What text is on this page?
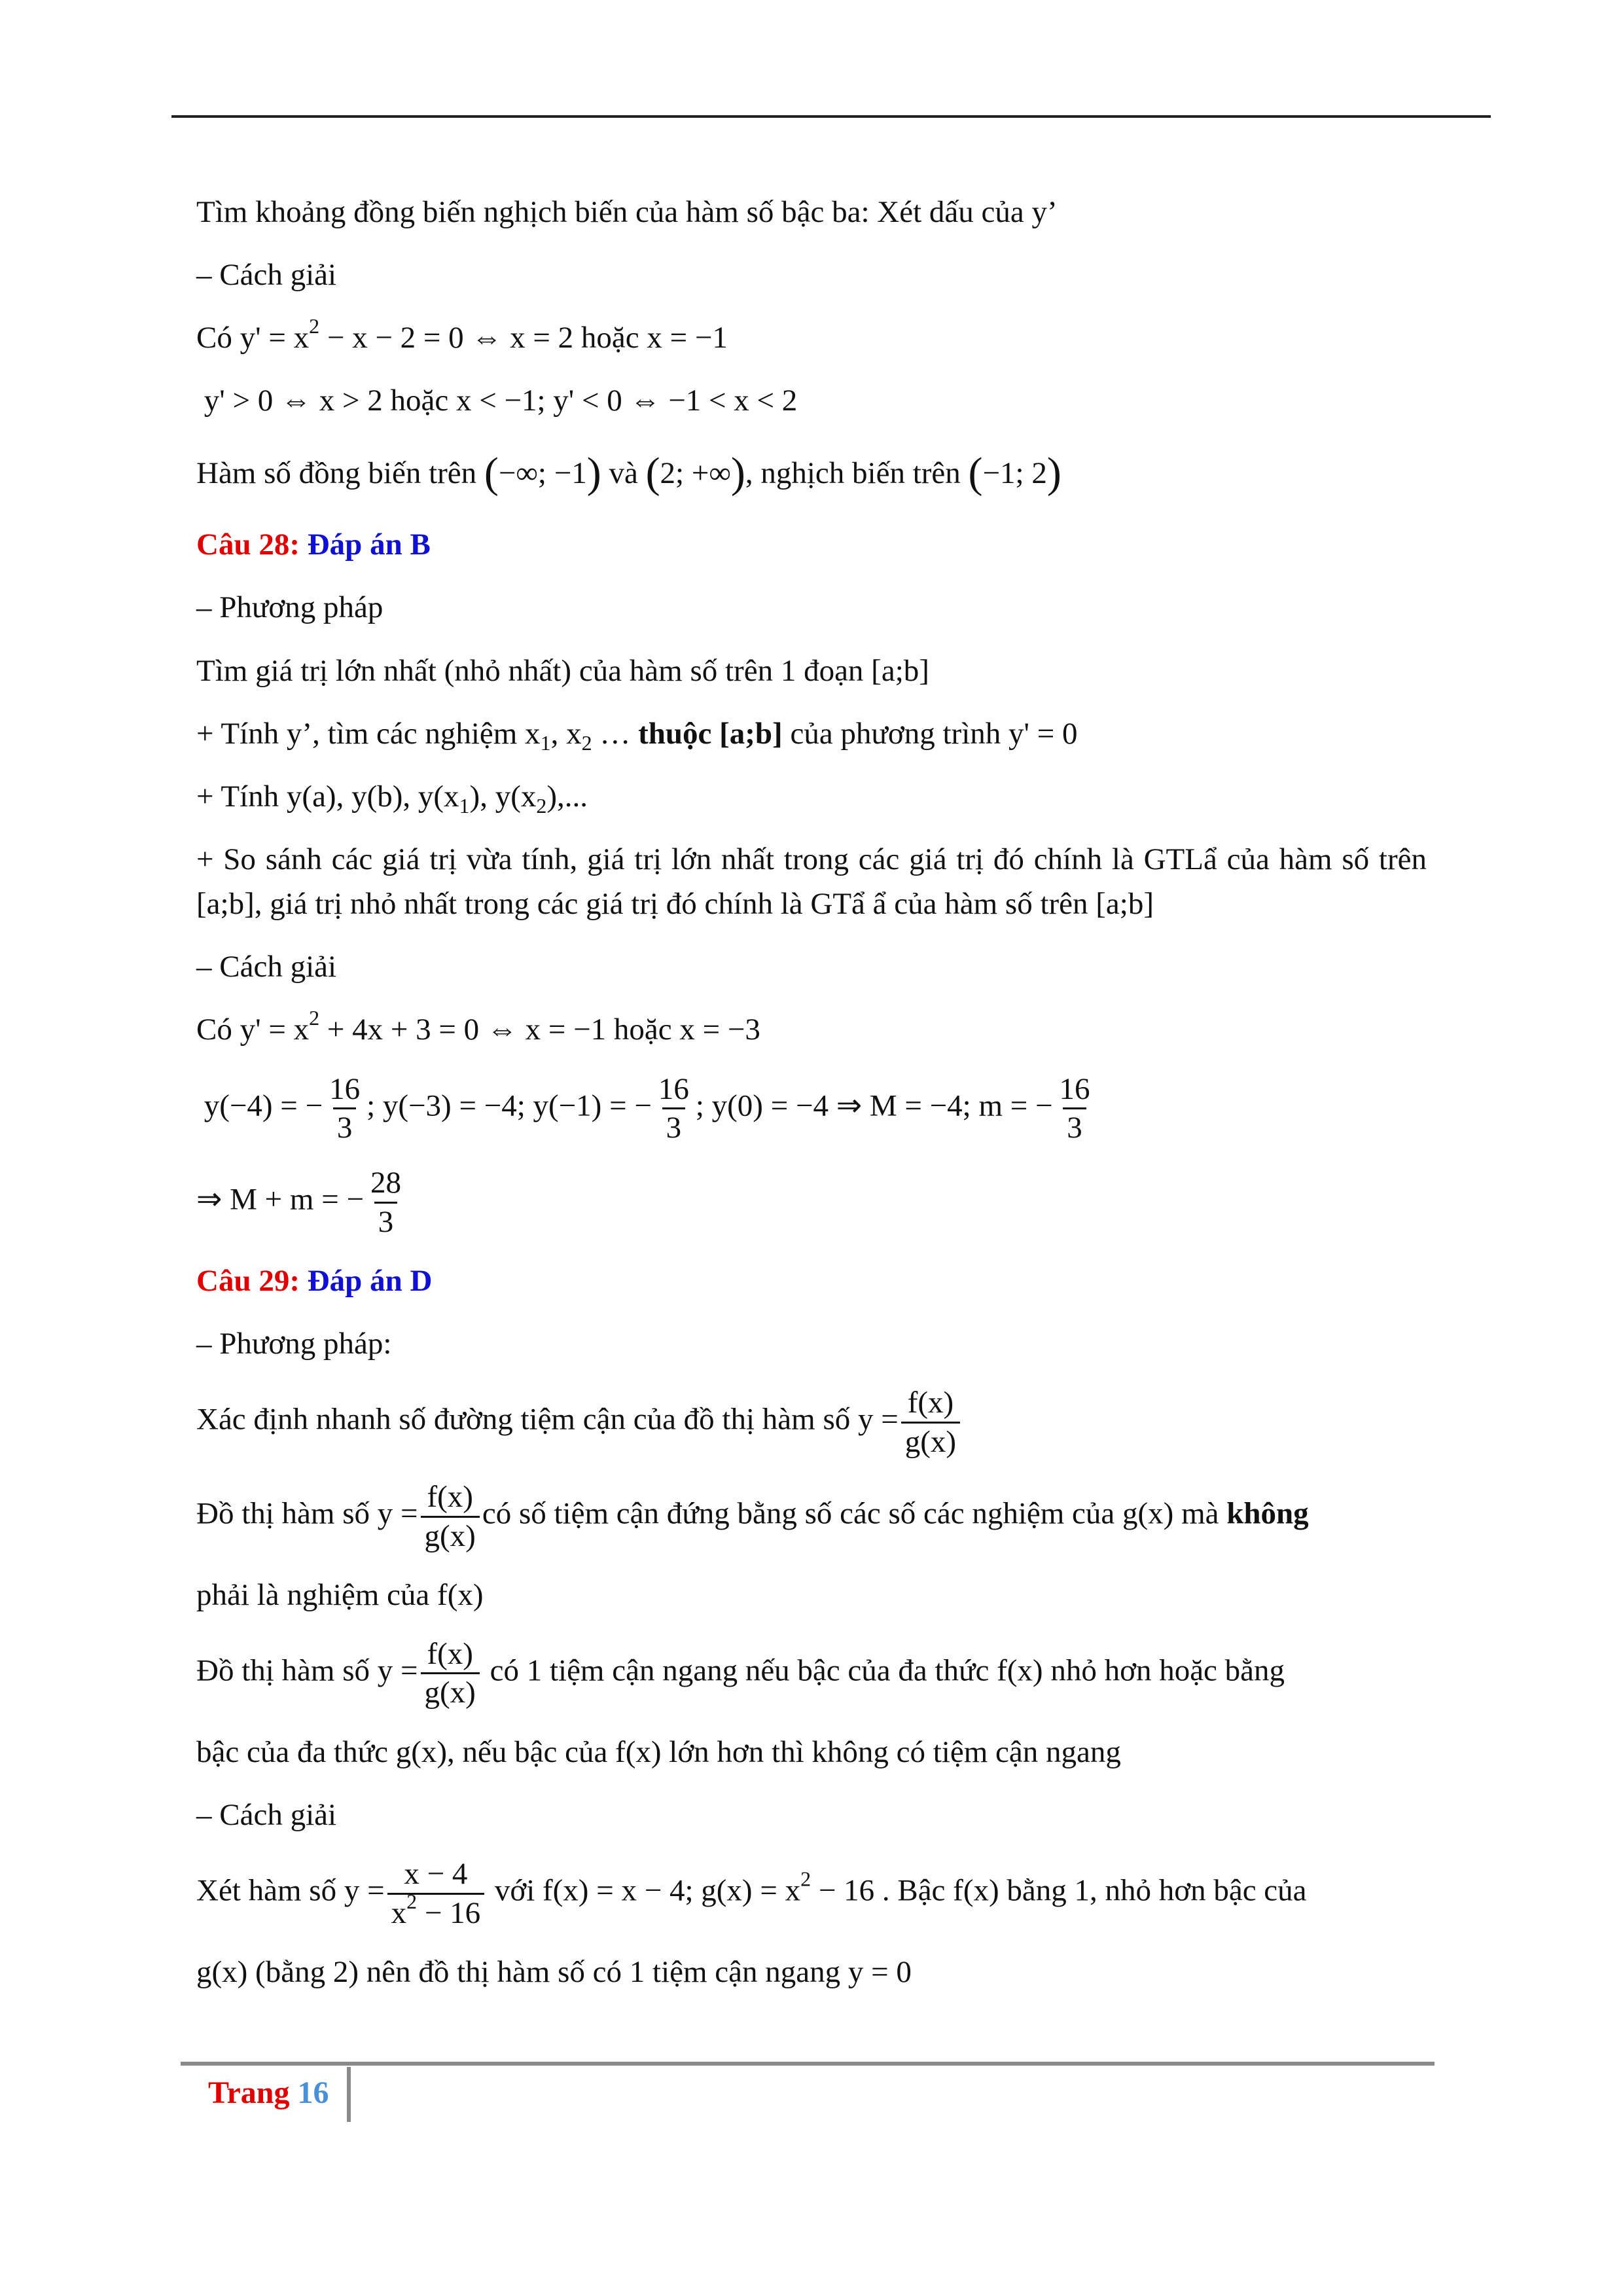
Tìm khoảng đồng biến nghịch biến của hàm số bậc ba: Xét dấu của y’

– Cách giải

Có $y' = x^2 - x - 2 = 0$ ⇔ x = 2 hoặc x = −1

y' > 0 ⇔ x > 2 hoặc x < −1; y' < 0 ⇔ −1 < x < 2

Hàm số đồng biến trên (−∞; −1) và (2; +∞), nghịch biến trên (−1; 2)

Câu 28: Đáp án B

– Phương pháp

Tìm giá trị lớn nhất (nhỏ nhất) của hàm số trên 1 đoạn [a;b]

+ Tính y’, tìm các nghiệm $x_1$, $x_2$ … thuộc [a;b] của phương trình y' = 0

+ Tính y(a), y(b), $y(x_1)$, $y(x_2)$,...

+ So sánh các giá trị vừa tính, giá trị lớn nhất trong các giá trị đó chính là GTLẩ của hàm số trên [a;b], giá trị nhỏ nhất trong các giá trị đó chính là GTẩ ẩ của hàm số trên [a;b]

– Cách giải

Có $y' = x^2 + 4x + 3 = 0$ ⇔ x = −1 hoặc x = −3

y(−4) = − $\frac{16}{3}$ ; y(−3) = −4; y(−1) = − $\frac{16}{3}$ ; y(0) = −4 ⇒ M = −4; m = − $\frac{16}{3}$

⇒ M + m = − $\frac{28}{3}$

Câu 29: Đáp án D

– Phương pháp:

Xác định nhanh số đường tiệm cận của đồ thị hàm số $y = \frac{f(x)}{g(x)}$

Đồ thị hàm số $y = \frac{f(x)}{g(x)}$ có số tiệm cận đứng bằng số các số các nghiệm của g(x) mà không

phải là nghiệm của f(x)

Đồ thị hàm số $y = \frac{f(x)}{g(x)}$ có 1 tiệm cận ngang nếu bậc của đa thức f(x) nhỏ hơn hoặc bằng

bậc của đa thức g(x), nếu bậc của f(x) lớn hơn thì không có tiệm cận ngang

– Cách giải

Xét hàm số $y = \frac{x - 4}{x^2 - 16}$ với f(x) = x − 4; $g(x) = x^2 - 16$ . Bậc f(x) bằng 1, nhỏ hơn bậc của

g(x) (bằng 2) nên đồ thị hàm số có 1 tiệm cận ngang y = 0

Trang 16
